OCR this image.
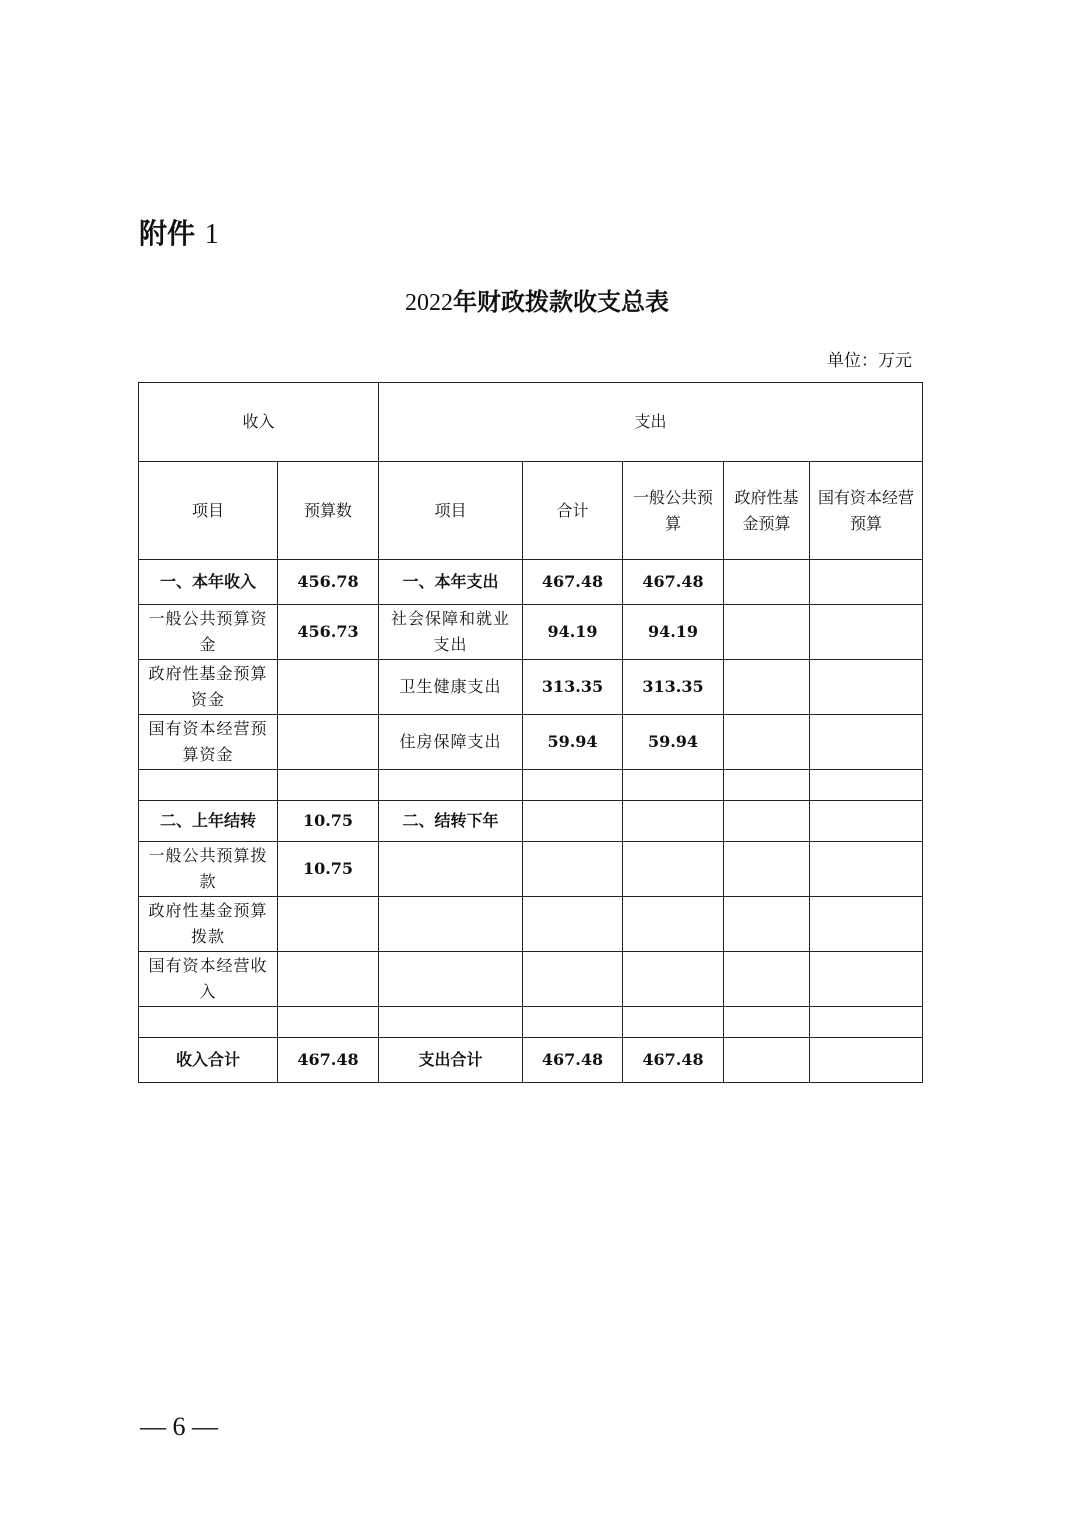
附件 1
2022年财政拨款收支总表
单位：万元
收入		支出				
项目	预算数	项目	合计	一般公共预算	政府性基金预算	国有资本经营预算
一、本年收入	456.78	一、本年支出	467.48	467.48		
一般公共预算资金	456.73	社会保障和就业支出	94.19	94.19		
政府性基金预算资金		卫生健康支出	313.35	313.35		
国有资本经营预算资金		住房保障支出	59.94	59.94		

二、上年结转	10.75	二、结转下年				
一般公共预算拨款	10.75					
政府性基金预算拨款						
国有资本经营收入						

收入合计	467.48	支出合计	467.48	467.48		
— 6 —
